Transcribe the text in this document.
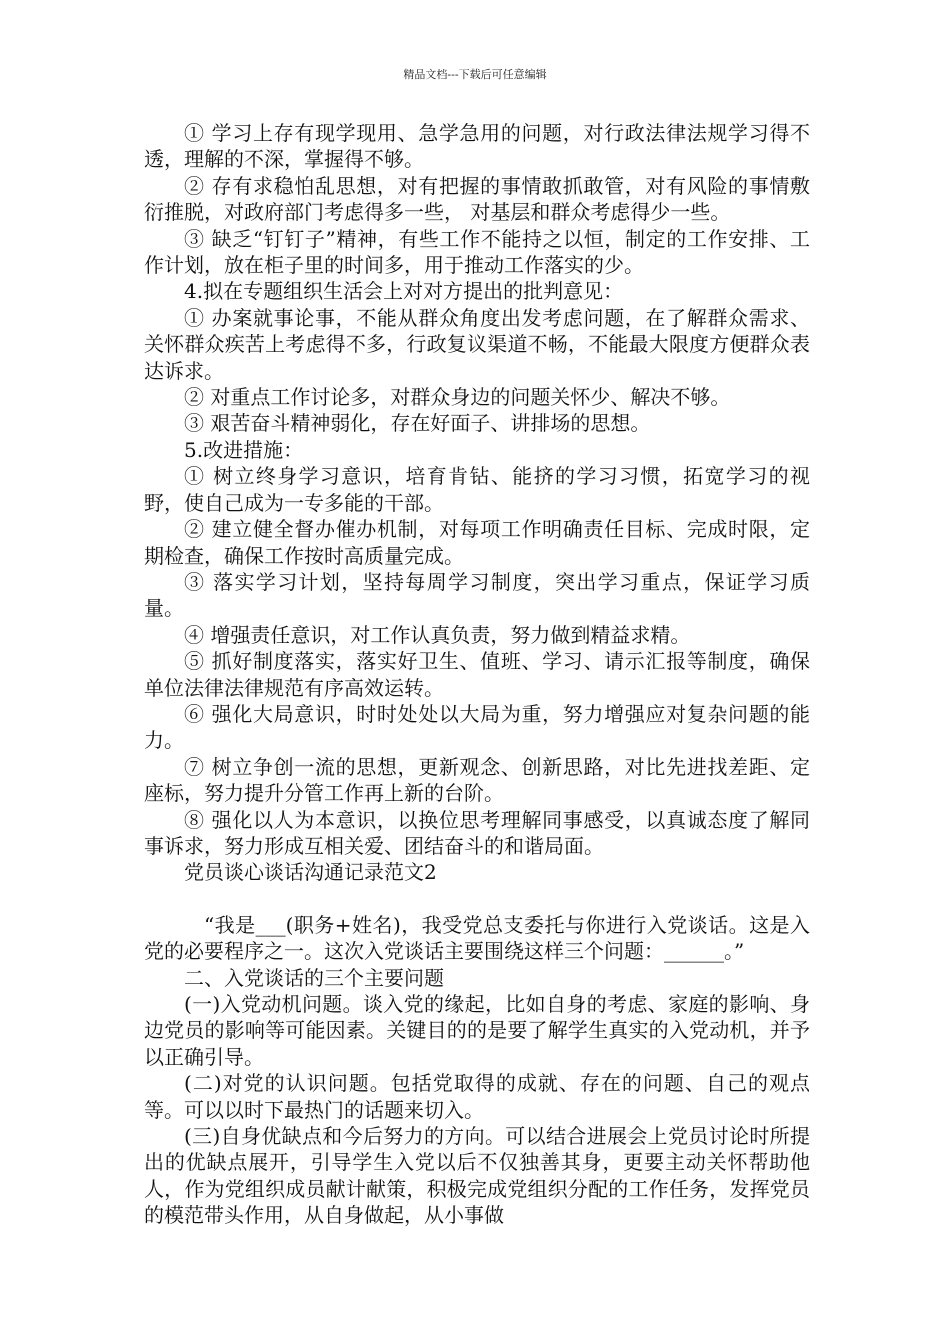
精品文档---下载后可任意编辑

① 学习上存有现学现用、急学急用的问题，对行政法律法规学习得不透，理解的不深，掌握得不够。

② 存有求稳怕乱思想，对有把握的事情敢抓敢管，对有风险的事情敷衍推脱，对政府部门考虑得多一些， 对基层和群众考虑得少一些。

③ 缺乏“钉钉子”精神，有些工作不能持之以恒，制定的工作安排、工作计划，放在柜子里的时间多，用于推动工作落实的少。

4.拟在专题组织生活会上对对方提出的批判意见：

① 办案就事论事，不能从群众角度出发考虑问题，在了解群众需求、关怀群众疾苦上考虑得不多，行政复议渠道不畅，不能最大限度方便群众表达诉求。

② 对重点工作讨论多，对群众身边的问题关怀少、解决不够。

③ 艰苦奋斗精神弱化，存在好面子、讲排场的思想。

5.改进措施：

① 树立终身学习意识，培育肯钻、能挤的学习习惯，拓宽学习的视野，使自己成为一专多能的干部。

② 建立健全督办催办机制，对每项工作明确责任目标、完成时限，定期检查，确保工作按时高质量完成。

③ 落实学习计划，坚持每周学习制度，突出学习重点，保证学习质量。

④ 增强责任意识，对工作认真负责，努力做到精益求精。

⑤ 抓好制度落实，落实好卫生、值班、学习、请示汇报等制度，确保单位法律法律规范有序高效运转。

⑥ 强化大局意识，时时处处以大局为重，努力增强应对复杂问题的能力。

⑦ 树立争创一流的思想，更新观念、创新思路，对比先进找差距、定座标，努力提升分管工作再上新的台阶。

⑧ 强化以人为本意识，以换位思考理解同事感受，以真诚态度了解同事诉求，努力形成互相关爱、团结奋斗的和谐局面。

党员谈心谈话沟通记录范文2

“我是___(职务+姓名)，我受党总支委托与你进行入党谈话。这是入党的必要程序之一。这次入党谈话主要围绕这样三个问题：______。”

二、入党谈话的三个主要问题

(一)入党动机问题。谈入党的缘起，比如自身的考虑、家庭的影响、身边党员的影响等可能因素。关键目的的是要了解学生真实的入党动机，并予以正确引导。

(二)对党的认识问题。包括党取得的成就、存在的问题、自己的观点等。可以以时下最热门的话题来切入。

(三)自身优缺点和今后努力的方向。可以结合进展会上党员讨论时所提出的优缺点展开，引导学生入党以后不仅独善其身，更要主动关怀帮助他人，作为党组织成员献计献策，积极完成党组织分配的工作任务，发挥党员的模范带头作用，从自身做起，从小事做
